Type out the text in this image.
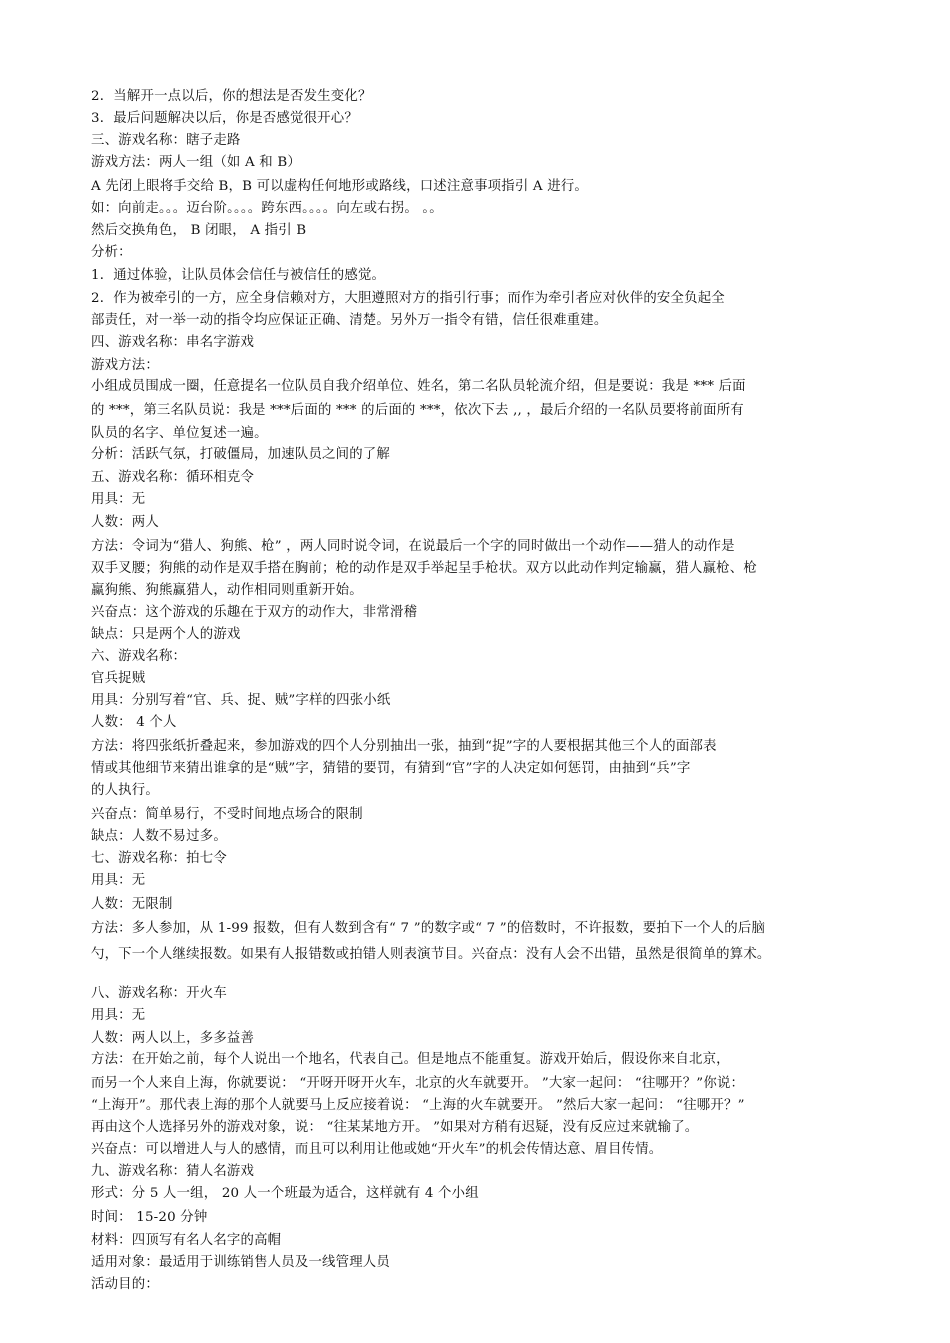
2．当解开一点以后，你的想法是否发生变化？

3．最后问题解决以后，你是否感觉很开心？

三、游戏名称：瞎子走路

游戏方法：两人一组（如 A 和 B）

A 先闭上眼将手交给 B，B 可以虚构任何地形或路线，口述注意事项指引 A 进行。

如：向前走。。。迈台阶。。。。跨东西。。。。向左或右拐。 。。

然后交换角色， B 闭眼， A 指引 B

分析：

1．通过体验，让队员体会信任与被信任的感觉。

2．作为被牵引的一方，应全身信赖对方，大胆遵照对方的指引行事；而作为牵引者应对伙伴的安全负起全

部责任，对一举一动的指令均应保证正确、清楚。另外万一指令有错，信任很难重建。

四、游戏名称：串名字游戏

游戏方法：

小组成员围成一圈，任意提名一位队员自我介绍单位、姓名，第二名队员轮流介绍，但是要说：我是 *** 后面

的 ***，第三名队员说：我是 ***后面的 *** 的后面的 ***，依次下去 ,, ，最后介绍的一名队员要将前面所有

队员的名字、单位复述一遍。

分析：活跃气氛，打破僵局，加速队员之间的了解

五、游戏名称：循环相克令

用具：无

人数：两人

方法：令词为“猎人、狗熊、枪” ，两人同时说令词，在说最后一个字的同时做出一个动作——猎人的动作是

双手叉腰；狗熊的动作是双手搭在胸前；枪的动作是双手举起呈手枪状。双方以此动作判定输赢，猎人赢枪、枪

赢狗熊、狗熊赢猎人，动作相同则重新开始。

兴奋点：这个游戏的乐趣在于双方的动作大，非常滑稽

缺点：只是两个人的游戏

六、游戏名称：

官兵捉贼

用具：分别写着“官、兵、捉、贼”字样的四张小纸

人数： 4 个人

方法：将四张纸折叠起来，参加游戏的四个人分别抽出一张，抽到“捉”字的人要根据其他三个人的面部表

情或其他细节来猜出谁拿的是“贼”字，猜错的要罚，有猜到“官”字的人决定如何惩罚，由抽到“兵”字

的人执行。

兴奋点：简单易行，不受时间地点场合的限制

缺点：人数不易过多。

七、游戏名称：拍七令

用具：无

人数：无限制

方法：多人参加，从 1-99 报数，但有人数到含有“ 7 ”的数字或“ 7 ”的倍数时，不许报数，要拍下一个人的后脑

勺，下一个人继续报数。如果有人报错数或拍错人则表演节目。兴奋点：没有人会不出错，虽然是很简单的算术。

八、游戏名称：开火车

用具：无

人数：两人以上，多多益善

方法：在开始之前，每个人说出一个地名，代表自己。但是地点不能重复。游戏开始后，假设你来自北京，

而另一个人来自上海，你就要说： “开呀开呀开火车，北京的火车就要开。 ”大家一起问： “往哪开？”你说：

“上海开”。那代表上海的那个人就要马上反应接着说： “上海的火车就要开。 ”然后大家一起问： “往哪开？”

再由这个人选择另外的游戏对象，说： “往某某地方开。 ”如果对方稍有迟疑，没有反应过来就输了。

兴奋点：可以增进人与人的感情，而且可以利用让他或她“开火车”的机会传情达意、眉目传情。

九、游戏名称：猜人名游戏

形式：分 5 人一组， 20 人一个班最为适合，这样就有 4 个小组

时间： 15-20 分钟

材料：四顶写有名人名字的高帽

适用对象：最适用于训练销售人员及一线管理人员

活动目的：
